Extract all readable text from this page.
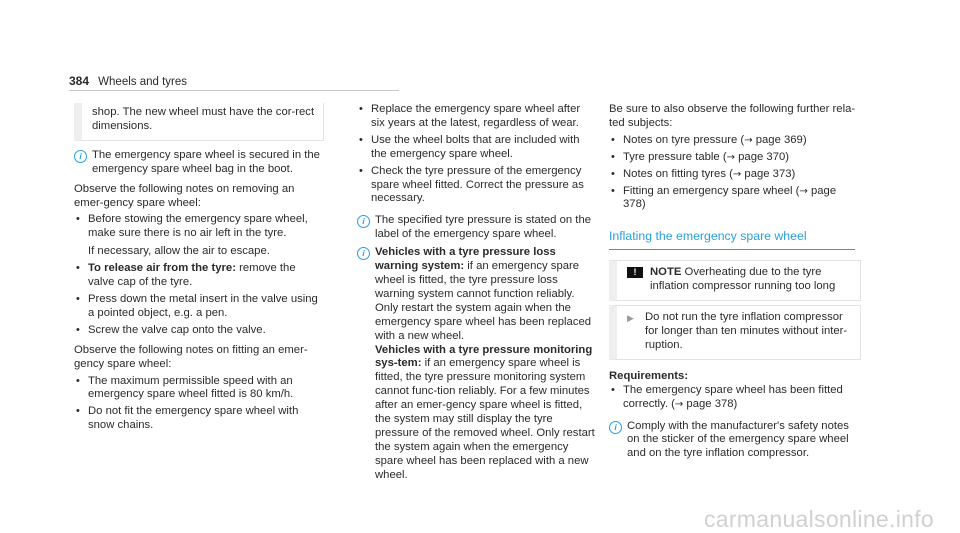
384 Wheels and tyres

shop. The new wheel must have the cor-rect dimensions.

i The emergency spare wheel is secured in the emergency spare wheel bag in the boot.

Observe the following notes on removing an emer-gency spare wheel:

• Before stowing the emergency spare wheel, make sure there is no air left in the tyre.
If necessary, allow the air to escape.
• To release air from the tyre: remove the valve cap of the tyre.
• Press down the metal insert in the valve using a pointed object, e.g. a pen.
• Screw the valve cap onto the valve.

Observe the following notes on fitting an emer-gency spare wheel:

• The maximum permissible speed with an emergency spare wheel fitted is 80 km/h.
• Do not fit the emergency spare wheel with snow chains.
• Replace the emergency spare wheel after six years at the latest, regardless of wear.
• Use the wheel bolts that are included with the emergency spare wheel.
• Check the tyre pressure of the emergency spare wheel fitted. Correct the pressure as necessary.
i The specified tyre pressure is stated on the label of the emergency spare wheel.

i Vehicles with a tyre pressure loss warning system: if an emergency spare wheel is fitted, the tyre pressure loss warning system cannot function reliably. Only restart the system again when the emergency spare wheel has been replaced with a new wheel.

Vehicles with a tyre pressure monitoring sys-tem: if an emergency spare wheel is fitted, the tyre pressure monitoring system cannot func-tion reliably. For a few minutes after an emer-gency spare wheel is fitted, the system may still display the tyre pressure of the removed wheel. Only restart the system again when the emergency spare wheel has been replaced with a new wheel.

Be sure to also observe the following further rela-ted subjects:

• Notes on tyre pressure (→ page 369)
• Tyre pressure table (→ page 370)
• Notes on fitting tyres (→ page 373)
• Fitting an emergency spare wheel (→ page 378)
Inflating the emergency spare wheel
!	NOTE Overheating due to the tyre inflation compressor running too long

▶ Do not run the tyre inflation compressor for longer than ten minutes without inter-ruption.

Requirements:

• The emergency spare wheel has been fitted correctly. (→ page 378)
i Comply with the manufacturer's safety notes on the sticker of the emergency spare wheel and on the tyre inflation compressor.

carmanualsonline.info
